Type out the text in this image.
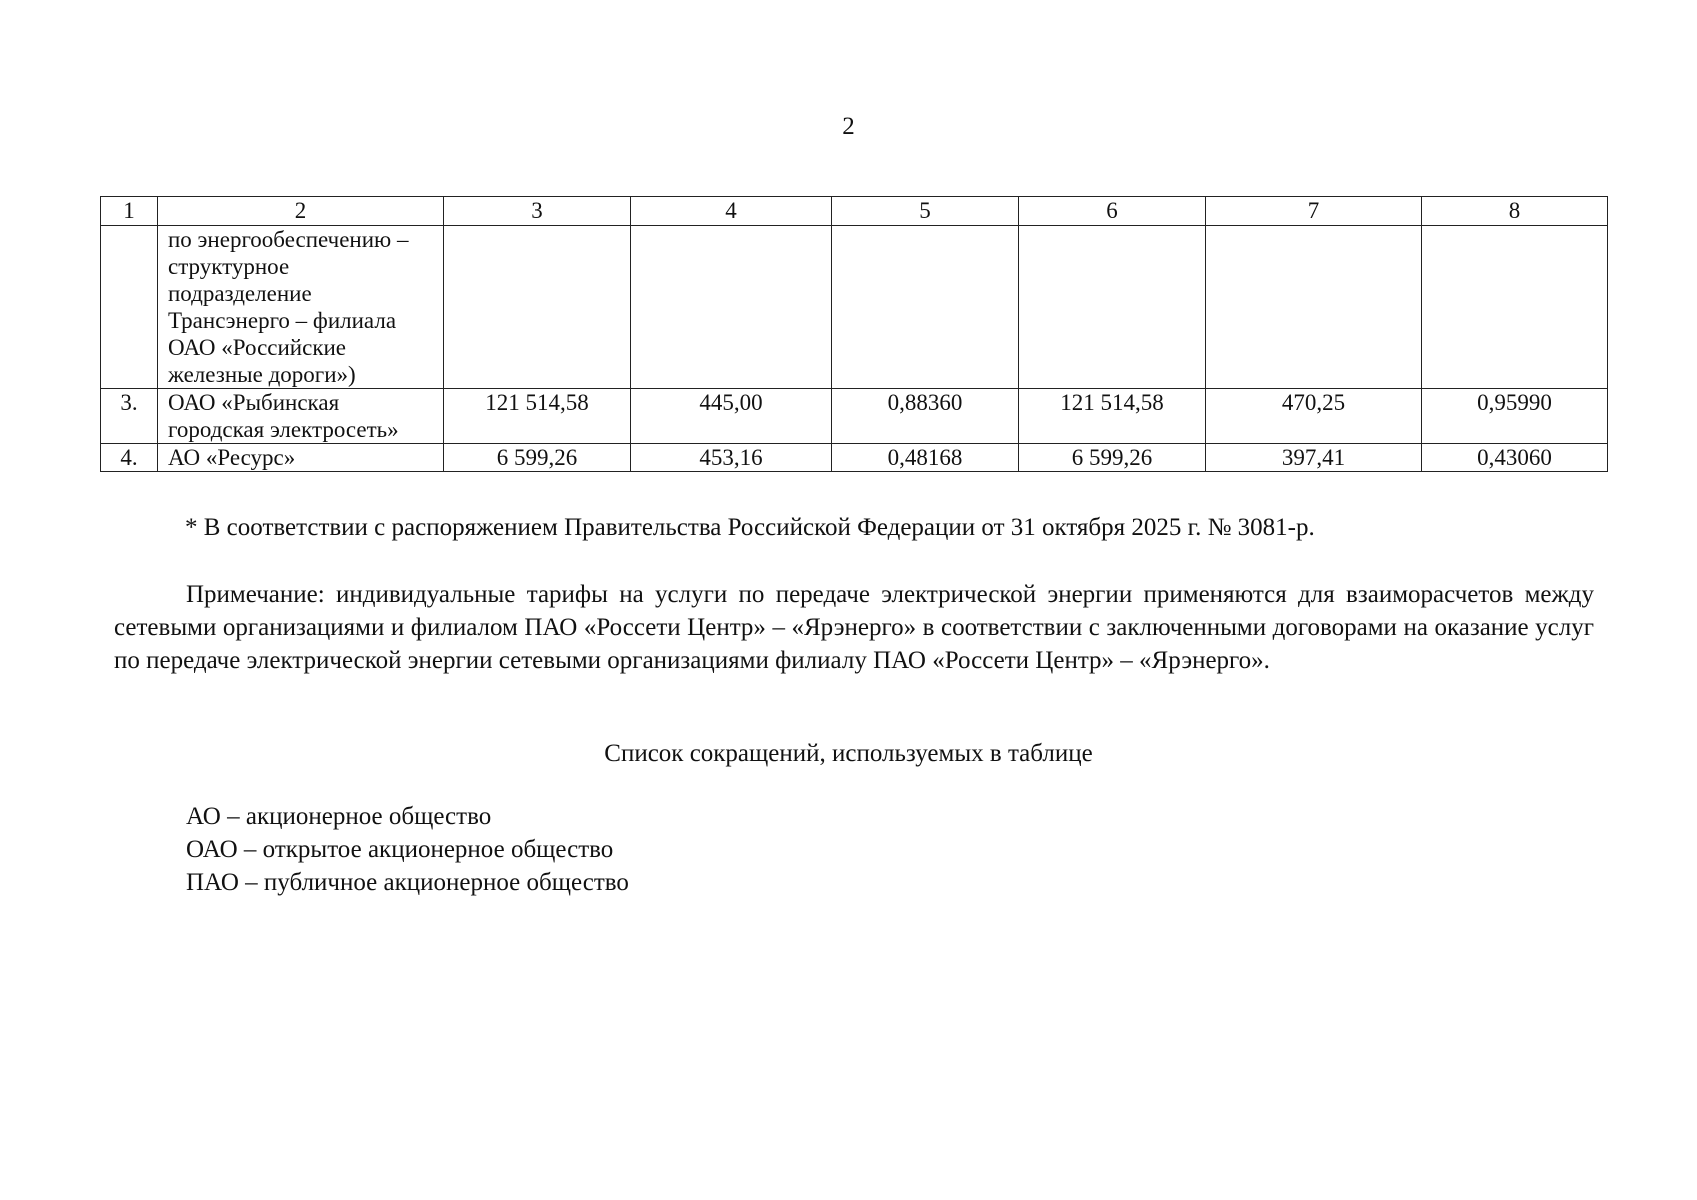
2
1	2	3	4	5	6	7	8
	по энергообеспечению – структурное подразделение Трансэнерго – филиала ОАО «Российские железные дороги»)						
3.	ОАО «Рыбинская городская электросеть»	121 514,58	445,00	0,88360	121 514,58	470,25	0,95990
4.	АО «Ресурс»	6 599,26	453,16	0,48168	6 599,26	397,41	0,43060
* В соответствии с распоряжением Правительства Российской Федерации от 31 октября 2025 г. № 3081-р.
Примечание: индивидуальные тарифы на услуги по передаче электрической энергии применяются для взаиморасчетов между сетевыми организациями и филиалом ПАО «Россети Центр» – «Ярэнерго» в соответствии с заключенными договорами на оказание услуг по передаче электрической энергии сетевыми организациями филиалу ПАО «Россети Центр» – «Ярэнерго».
Список сокращений, используемых в таблице
АО – акционерное общество
ОАО – открытое акционерное общество
ПАО – публичное акционерное общество
